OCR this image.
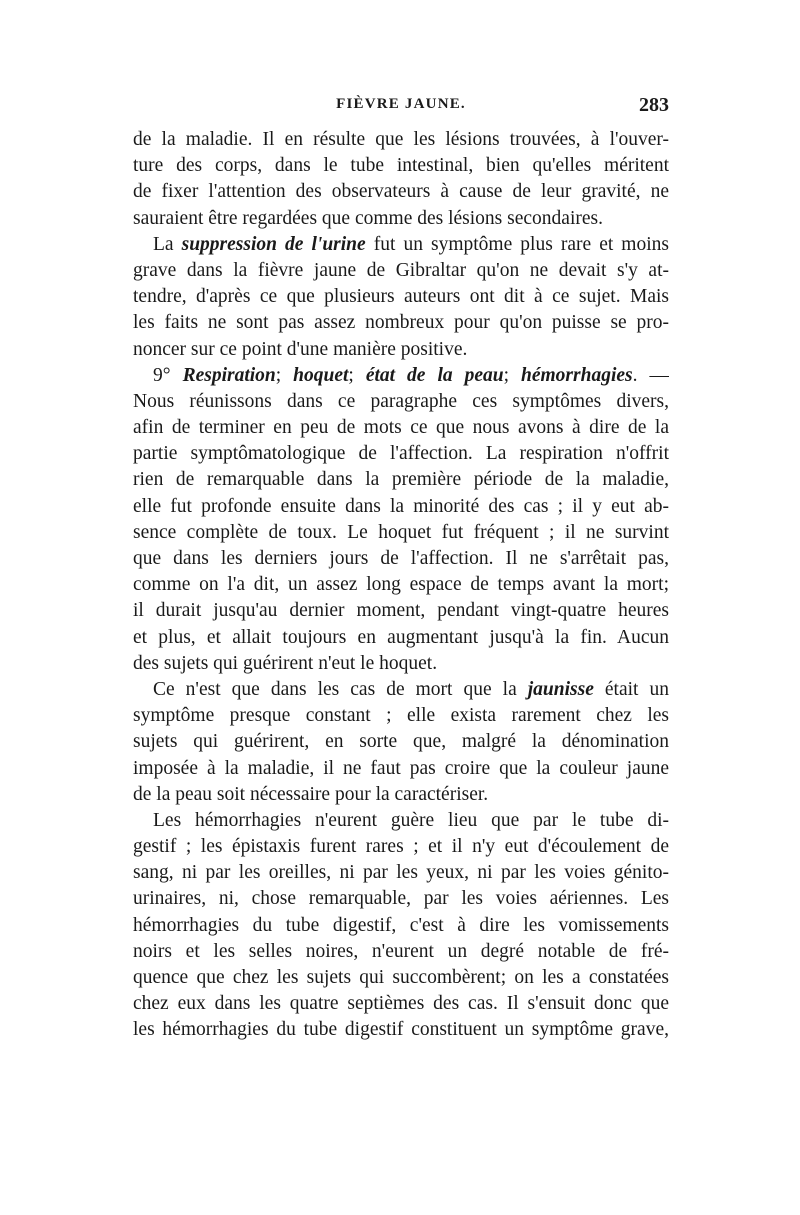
FIÈVRE JAUNE.	283
de la maladie. Il en résulte que les lésions trouvées, à l'ouver-
ture des corps, dans le tube intestinal, bien qu'elles méritent
de fixer l'attention des observateurs à cause de leur gravité, ne
sauraient être regardées que comme des lésions secondaires.
La suppression de l'urine fut un symptôme plus rare et moins
grave dans la fièvre jaune de Gibraltar qu'on ne devait s'y at-
tendre, d'après ce que plusieurs auteurs ont dit à ce sujet. Mais
les faits ne sont pas assez nombreux pour qu'on puisse se pro-
noncer sur ce point d'une manière positive.
9° Respiration; hoquet; état de la peau; hémorrhagies. —
Nous réunissons dans ce paragraphe ces symptômes divers,
afin de terminer en peu de mots ce que nous avons à dire de la
partie symptômatologique de l'affection. La respiration n'offrit
rien de remarquable dans la première période de la maladie,
elle fut profonde ensuite dans la minorité des cas ; il y eut ab-
sence complète de toux. Le hoquet fut fréquent ; il ne survint
que dans les derniers jours de l'affection. Il ne s'arrêtait pas,
comme on l'a dit, un assez long espace de temps avant la mort;
il durait jusqu'au dernier moment, pendant vingt-quatre heures
et plus, et allait toujours en augmentant jusqu'à la fin. Aucun
des sujets qui guérirent n'eut le hoquet.
Ce n'est que dans les cas de mort que la jaunisse était un
symptôme presque constant ; elle exista rarement chez les
sujets qui guérirent, en sorte que, malgré la dénomination
imposée à la maladie, il ne faut pas croire que la couleur jaune
de la peau soit nécessaire pour la caractériser.
Les hémorrhagies n'eurent guère lieu que par le tube di-
gestif ; les épistaxis furent rares ; et il n'y eut d'écoulement de
sang, ni par les oreilles, ni par les yeux, ni par les voies génito-
urinaires, ni, chose remarquable, par les voies aériennes. Les
hémorrhagies du tube digestif, c'est à dire les vomissements
noirs et les selles noires, n'eurent un degré notable de fré-
quence que chez les sujets qui succombèrent; on les a constatées
chez eux dans les quatre septièmes des cas. Il s'ensuit donc que
les hémorrhagies du tube digestif constituent un symptôme grave,
